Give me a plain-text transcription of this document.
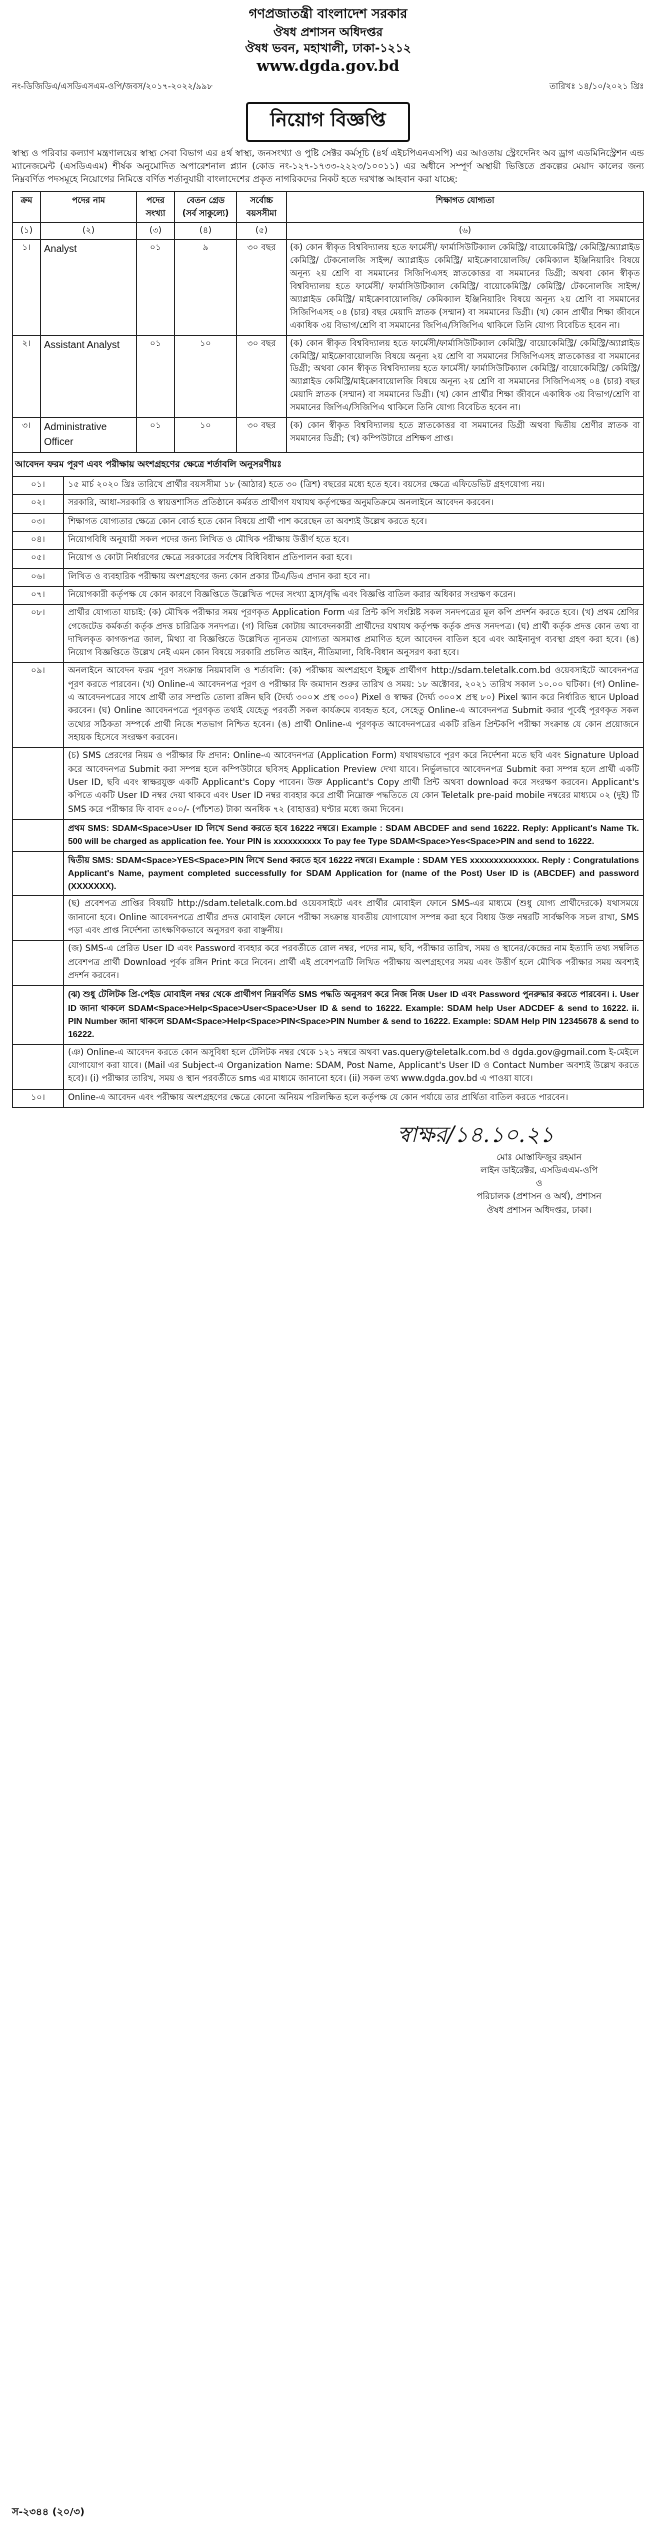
গণপ্রজাতন্ত্রী বাংলাদেশ সরকার
ঔষধ প্রশাসন অধিদপ্তর
ঔষধ ভবন, মহাখালী, ঢাকা-১২১২
www.dgda.gov.bd
নং-ডিজিডিএ/এসডিএসএম-ওপি/জবস/২০১৭-২০২২/৯৯৮	তারিখঃ ১৪/১০/২০২১ খ্রিঃ
নিয়োগ বিজ্ঞপ্তি
স্বাস্থ্য ও পরিবার কল্যাণ মন্ত্রণালয়ের স্বাস্থ্য সেবা বিভাগ এর ৪র্থ স্বাস্থ্য, জনসংখ্যা ও পুষ্টি সেক্টর কর্মসূচি (৪র্থ এইচপিএনএসপি) এর আওতায় স্ট্রেংদেনিং অব ড্রাগ এডমিনিস্ট্রেশন এন্ড ম্যানেজমেন্ট (এসডিএএম) শীর্ষক অনুমোদিত অপারেশনাল প্ল্যান (কোড নং-১২৭-১৭৩৩-২২২৩/১০০১১) এর অধীনে সম্পূর্ণ অস্থায়ী ভিত্তিতে প্রকল্পের মেয়াদ কালের জন্য নিম্নবর্ণিত পদসমূহে নিয়োগের নিমিত্তে বর্ণিত শর্তানুযায়ী বাংলাদেশের প্রকৃত নাগরিকদের নিকট হতে দরখাস্ত আহবান করা যাচ্ছে:
ক্রম	পদের নাম	পদের সংখ্যা	বেতন গ্রেড (সর্ব সাকুল্যে)	সর্বোচ্চ বয়সসীমা	শিক্ষাগত যোগ্যতা
(১)	(২)	(৩)	(৪)	(৫)	(৬)
১।	Analyst	০১	৯	৩০ বছর	(ক) কোন স্বীকৃত বিশ্ববিদ্যালয় হতে ফার্মেসী/ ফার্মাসিউটিক্যাল কেমিস্ট্রি/ বায়োকেমিস্ট্রি/ কেমিস্ট্রি/অ্যাপ্লাইড কেমিস্ট্রি/ টেকনোলজি সাইন্স/ অ্যাপ্লাইড কেমিস্ট্রি/ মাইক্রোবায়োলজি/ কেমিক্যাল ইঞ্জিনিয়ারিং বিষয়ে অনূন্য ২য় শ্রেণি বা সমমানের সিজিপিএসহ স্নাতকোত্তর বা সমমানের ডিগ্রী; অথবা কোন স্বীকৃত বিশ্ববিদ্যালয় হতে ফার্মেসী/ ফার্মাসিউটিক্যাল কেমিস্ট্রি/ বায়োকেমিস্ট্রি/ কেমিস্ট্রি/ টেকনোলজি সাইন্স/অ্যাপ্লাইড কেমিস্ট্রি/ মাইক্রোবায়োলজি/ কেমিক্যাল ইঞ্জিনিয়ারিং বিষয়ে অনূন্য ২য় শ্রেণি বা সমমানের সিজিপিএসহ ০৪ (চার) বছর মেয়াদি স্নাতক (সম্মান) বা সমমানের ডিগ্রী। (খ) কোন প্রার্থীর শিক্ষা জীবনে একাধিক ৩য় বিভাগ/শ্রেণি বা সমমানের জিপিএ/সিজিপিএ থাকিলে তিনি যোগ্য বিবেচিত হবেন না।
২।	Assistant Analyst	০১	১০	৩০ বছর	(ক) কোন স্বীকৃত বিশ্ববিদ্যালয় হতে ফার্মেসী/ফার্মাসিউটিক্যাল কেমিস্ট্রি/ বায়োকেমিস্ট্রি/ কেমিস্ট্রি/অ্যাপ্লাইড কেমিস্ট্রি/ মাইক্রোবায়োলজি বিষয়ে অনূন্য ২য় শ্রেণি বা সমমানের সিজিপিএসহ স্নাতকোত্তর বা সমমানের ডিগ্রী; অথবা কোন স্বীকৃত বিশ্ববিদ্যালয় হতে ফার্মেসী/ ফার্মাসিউটিক্যাল কেমিস্ট্রি/ বায়োকেমিস্ট্রি/ কেমিস্ট্রি/অ্যাপ্লাইড কেমিস্ট্রি/মাইক্রোবায়োলজি বিষয়ে অনূন্য ২য় শ্রেণি বা সমমানের সিজিপিএসহ ০৪ (চার) বছর মেয়াদি স্নাতক (সম্মান) বা সমমানের ডিগ্রী। (খ) কোন প্রার্থীর শিক্ষা জীবনে একাধিক ৩য় বিভাগ/শ্রেণি বা সমমানের জিপিএ/সিজিপিএ থাকিলে তিনি যোগ্য বিবেচিত হবেন না।
৩।	Administrative Officer	০১	১০	৩০ বছর	(ক) কোন স্বীকৃত বিশ্ববিদ্যালয় হতে স্নাতকোত্তর বা সমমানের ডিগ্রী অথবা দ্বিতীয় শ্রেণীর স্নাতক বা সমমানের ডিগ্রী; (খ) কম্পিউটারে প্রশিক্ষণ প্রাপ্ত।
আবেদন ফরম পূরণ এবং পরীক্ষায় অংশগ্রহণের ক্ষেত্রে শর্তাবলি অনুসরণীয়ঃ
০১।	১৫ মার্চ ২০২০ খ্রিঃ তারিখে প্রার্থীর বয়সসীমা ১৮ (আঠার) হতে ৩০ (ত্রিশ) বছরের মধ্যে হতে হবে। বয়সের ক্ষেত্রে এফিডেভিট গ্রহণযোগ্য নয়।
০২।	সরকারি, আধা-সরকারি ও স্বায়ত্তশাসিত প্রতিষ্ঠানে কর্মরত প্রার্থীগণ যথাযথ কর্তৃপক্ষের অনুমতিক্রমে অনলাইনে আবেদন করবেন।
০৩।	শিক্ষাগত যোগ্যতার ক্ষেত্রে কোন বোর্ড হতে কোন বিষয়ে প্রার্থী পাশ করেছেন তা অবশ্যই উল্লেখ করতে হবে।
০৪।	নিয়োগবিধি অনুযায়ী সকল পদের জন্য লিখিত ও মৌখিক পরীক্ষায় উত্তীর্ণ হতে হবে।
০৫।	নিয়োগ ও কোটা নির্ধারণের ক্ষেত্রে সরকারের সর্বশেষ বিধিবিধান প্রতিপালন করা হবে।
০৬।	লিখিত ও ব্যবহারিক পরীক্ষায় অংশগ্রহণের জন্য কোন প্রকার টিএ/ডিএ প্রদান করা হবে না।
০৭।	নিয়োগকারী কর্তৃপক্ষ যে কোন কারণে বিজ্ঞপ্তিতে উল্লেখিত পদের সংখ্যা হ্রাস/বৃদ্ধি এবং বিজ্ঞপ্তি বাতিল করার অধিকার সংরক্ষণ করেন।
০৮।	প্রার্থীর যোগ্যতা যাচাই: (ক) মৌখিক পরীক্ষার সময় পূরণকৃত Application Form এর প্রিন্ট কপি সংশ্লিষ্ট সকল সনদপত্রের মূল কপি প্রদর্শন করতে হবে। (খ) প্রথম শ্রেণির গেজেটেড কর্মকর্তা কর্তৃক প্রদত্ত চারিত্রিক সনদপত্র। (গ) বিভিন্ন কোটায় আবেদনকারী প্রার্থীদের যথাযথ কর্তৃপক্ষ কর্তৃক প্রদত্ত সনদপত্র। (ঘ) প্রার্থী কর্তৃক প্রদত্ত কোন তথ্য বা দাখিলকৃত কাগজপত্র জাল, মিথ্যা বা বিজ্ঞপ্তিতে উল্লেখিত ন্যূনতম যোগ্যতা অসমাপ্ত প্রমাণিত হলে আবেদন বাতিল হবে এবং আইনানুগ ব্যবস্থা গ্রহণ করা হবে। (ঙ) নিয়োগ বিজ্ঞপ্তিতে উল্লেখ নেই এমন কোন বিষয়ে সরকারি প্রচলিত আইন, নীতিমালা, বিধি-বিধান অনুসরণ করা হবে।
০৯।	অনলাইনে আবেদন ফরম পূরণ সংক্রান্ত নিয়মাবলি ও শর্তাবলি: (ক) পরীক্ষায় অংশগ্রহণে ইচ্ছুক প্রার্থীগণ http://sdam.teletalk.com.bd ওয়েবসাইটে আবেদনপত্র পূরণ করতে পারবেন। (খ) Online-এ আবেদনপত্র পূরণ ও পরীক্ষার ফি জমাদান শুরুর তারিখ ও সময়: ১৮ অক্টোবর, ২০২১ তারিখ সকাল ১০.০০ ঘটিকা। (গ) Online-এ আবেদনপত্রের সাথে প্রার্থী তার সম্প্রতি তোলা রঙ্গিন ছবি (দৈর্ঘ্য ৩০০× প্রস্থ ৩০০) Pixel ও স্বাক্ষর (দৈর্ঘ্য ৩০০× প্রস্থ ৮০) Pixel স্ক্যান করে নির্ধারিত স্থানে Upload করবেন। (ঘ) Online আবেদনপত্রে পূরণকৃত তথ্যই যেহেতু পরবর্তী সকল কার্যক্রমে ব্যবহৃত হবে, সেহেতু Online-এ আবেদনপত্র Submit করার পূর্বেই পূরণকৃত সকল তথ্যের সঠিকতা সম্পর্কে প্রার্থী নিজে শতভাগ নিশ্চিত হবেন। (ঙ) প্রার্থী Online-এ পূরণকৃত আবেদনপত্রের একটি রঙিন প্রিন্টকপি পরীক্ষা সংক্রান্ত যে কোন প্রয়োজনে সহায়ক হিসেবে সংরক্ষণ করবেন।
	(চ) SMS প্রেরণের নিয়ম ও পরীক্ষার ফি প্রদান: Online-এ আবেদনপত্র (Application Form) যথাযথভাবে পূরণ করে নির্দেশনা মতে ছবি এবং Signature Upload করে আবেদনপত্র Submit করা সম্পন্ন হলে কম্পিউটারে ছবিসহ Application Preview দেখা যাবে। নির্ভুলভাবে আবেদনপত্র Submit করা সম্পন্ন হলে প্রার্থী একটি User ID, ছবি এবং স্বাক্ষরযুক্ত একটি Applicant's Copy পাবেন। উক্ত Applicant's Copy প্রার্থী প্রিন্ট অথবা download করে সংরক্ষণ করবেন। Applicant's কপিতে একটি User ID নম্বর দেয়া থাকবে এবং User ID নম্বর ব্যবহার করে প্রার্থী নিম্নোক্ত পদ্ধতিতে যে কোন Teletalk pre-paid mobile নম্বরের মাধ্যমে ০২ (দুই) টি SMS করে পরীক্ষার ফি বাবদ ৫০০/- (পাঁচশত) টাকা অনধিক ৭২ (বাহাত্তর) ঘণ্টার মধ্যে জমা দিবেন।
	প্রথম SMS: SDAM<Space>User ID লিখে Send করতে হবে 16222 নম্বরে। Example : SDAM ABCDEF and send 16222. Reply: Applicant's Name Tk. 500 will be charged as application fee. Your PIN is xxxxxxxxxx To pay fee Type SDAM<Space>Yes<Space>PIN and send to 16222.
	দ্বিতীয় SMS: SDAM<Space>YES<Space>PIN লিখে Send করতে হবে 16222 নম্বরে। Example : SDAM YES xxxxxxxxxxxxxx. Reply : Congratulations Applicant's Name, payment completed successfully for SDAM Application for (name of the Post) User ID is (ABCDEF) and password (XXXXXXX).
	(ছ) প্রবেশপত্র প্রাপ্তির বিষয়টি http://sdam.teletalk.com.bd ওয়েবসাইটে এবং প্রার্থীর মোবাইল ফোনে SMS-এর মাধ্যমে (শুধু যোগ্য প্রার্থীদেরকে) যথাসময়ে জানানো হবে। Online আবেদনপত্রে প্রার্থীর প্রদত্ত মোবাইল ফোনে পরীক্ষা সংক্রান্ত যাবতীয় যোগাযোগ সম্পন্ন করা হবে বিধায় উক্ত নম্বরটি সার্বক্ষণিক সচল রাখা, SMS পড়া এবং প্রাপ্ত নির্দেশনা তাৎক্ষণিকভাবে অনুসরণ করা বাঞ্ছনীয়।
	(জ) SMS-এ প্রেরিত User ID এবং Password ব্যবহার করে পরবর্তীতে রোল নম্বর, পদের নাম, ছবি, পরীক্ষার তারিখ, সময় ও স্থানের/কেন্দ্রের নাম ইত্যাদি তথ্য সম্বলিত প্রবেশপত্র প্রার্থী Download পূর্বক রঙ্গিন Print করে নিবেন। প্রার্থী এই প্রবেশপত্রটি লিখিত পরীক্ষায় অংশগ্রহণের সময় এবং উত্তীর্ণ হলে মৌখিক পরীক্ষার সময় অবশ্যই প্রদর্শন করবেন।
	(ঝ) শুধু টেলিটক প্রি-পেইড মোবাইল নম্বর থেকে প্রার্থীগণ নিম্নবর্ণিত SMS পদ্ধতি অনুসরণ করে নিজ নিজ User ID এবং Password পুনরুদ্ধার করতে পারবেন। i. User ID জানা থাকলে SDAM<Space>Help<Space>User<Space>User ID & send to 16222. Example: SDAM help User ADCDEF & send to 16222. ii. PIN Number জানা থাকলে SDAM<Space>Help<Space>PIN<Space>PIN Number & send to 16222. Example: SDAM Help PIN 12345678 & send to 16222.
	(ঞ) Online-এ আবেদন করতে কোন অসুবিধা হলে টেলিটক নম্বর থেকে ১২১ নম্বরে অথবা vas.query@teletalk.com.bd ও dgda.gov@gmail.com ই-মেইলে যোগাযোগ করা যাবে। (Mail এর Subject-এ Organization Name: SDAM, Post Name, Applicant's User ID ও Contact Number অবশ্যই উল্লেখ করতে হবে)। (i) পরীক্ষার তারিখ, সময় ও স্থান পরবর্তীতে sms এর মাধ্যমে জানানো হবে। (ii) সকল তথ্য www.dgda.gov.bd এ পাওয়া যাবে।
১০।	Online-এ আবেদন এবং পরীক্ষায় অংশগ্রহণের ক্ষেত্রে কোনো অনিয়ম পরিলক্ষিত হলে কর্তৃপক্ষ যে কোন পর্যায়ে তার প্রার্থিতা বাতিল করতে পারবেন।
স্বাক্ষর/১৪.১০.২১
মোঃ মোস্তাফিজুর রহমান
লাইন ডাইরেক্টর, এসডিএএম-ওপি
ও
পরিচালক (প্রশাসন ও অর্থ), প্রশাসন
ঔষধ প্রশাসন অধিদপ্তর, ঢাকা।
স-২৩৪৪ (২০/৩)
